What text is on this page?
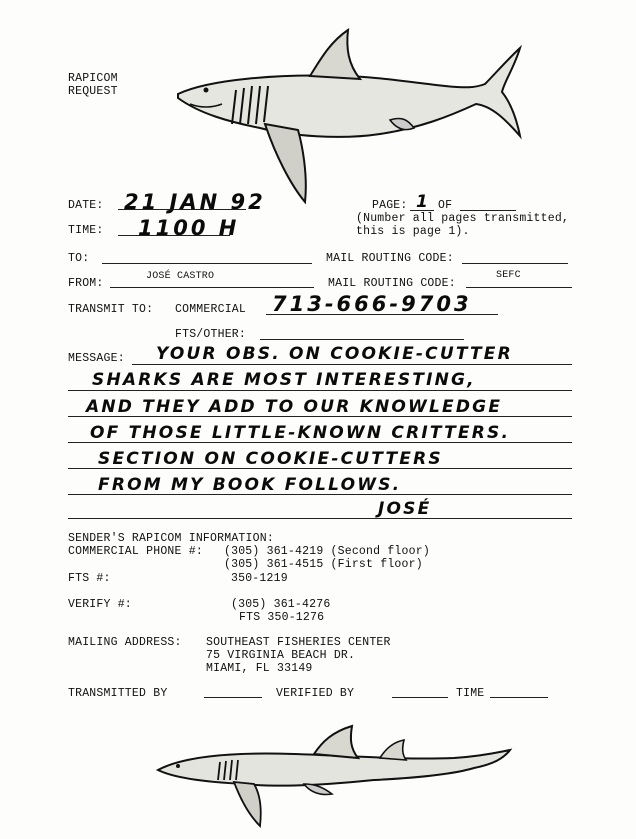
RAPICOM
REQUEST
DATE: 21 JAN 92
TIME: 1100 H
PAGE: 1 OF
(Number all pages transmitted,
this is page 1).
TO:	MAIL ROUTING CODE:
FROM:
JOSÉ CASTRO
MAIL ROUTING CODE:
SEFC
TRANSMIT TO: COMMERCIAL 713-666-9703
FTS/OTHER:
MESSAGE: YOUR OBS. ON COOKIE-CUTTER
SHARKS ARE MOST INTERESTING,
AND THEY ADD TO OUR KNOWLEDGE
OF THOSE LITTLE-KNOWN CRITTERS.
SECTION ON COOKIE-CUTTERS
FROM MY BOOK FOLLOWS.
JOSÉ
SENDER'S RAPICOM INFORMATION:
COMMERCIAL PHONE #: (305) 361-4219 (Second floor)
(305) 361-4515 (First floor)
FTS #:	350-1219
VERIFY #:	(305) 361-4276
FTS 350-1276
MAILING ADDRESS: SOUTHEAST FISHERIES CENTER
75 VIRGINIA BEACH DR.
MIAMI, FL 33149
TRANSMITTED BY	VERIFIED BY	TIME
